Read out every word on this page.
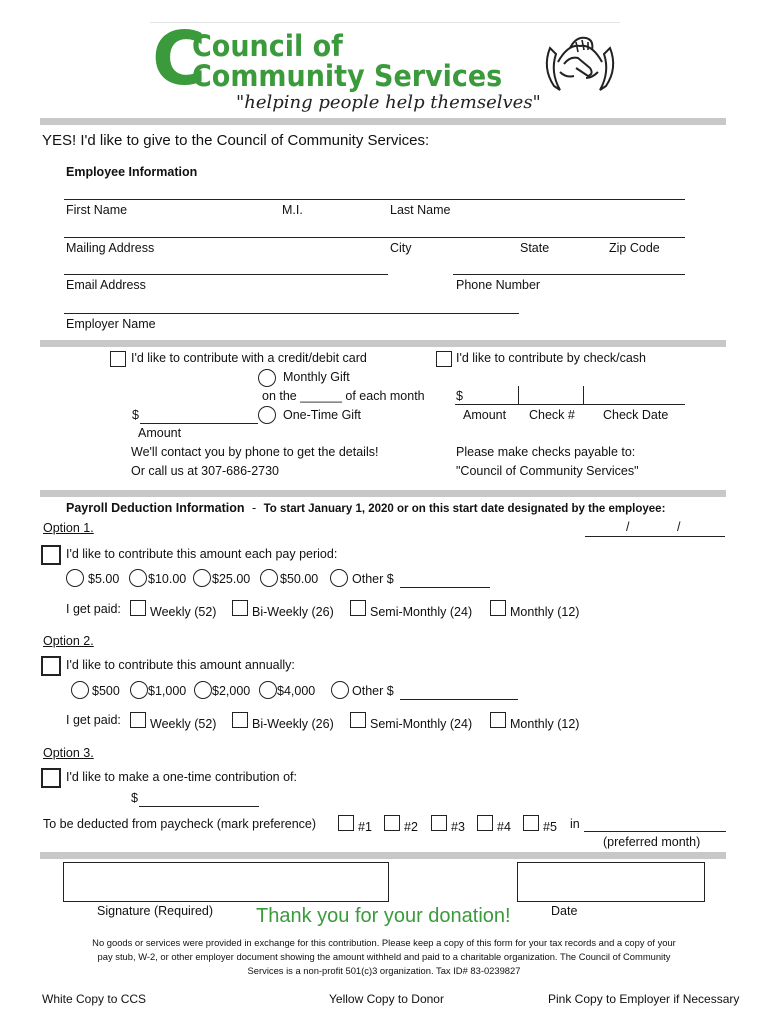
C
Council of
Community Services
"helping people help themselves"
YES! I'd like to give to the Council of Community Services:
Employee Information
First Name	M.I.	Last Name
Mailing Address	City	State	Zip Code
Email Address	Phone Number
Employer Name
I'd like to contribute with a credit/debit card
Monthly Gift
on the ______ of each month
One-Time Gift
$
Amount
We'll contact you by phone to get the details!
Or call us at 307-686-2730
I'd like to contribute by check/cash
$
Amount Check # Check Date
Please make checks payable to:
"Council of Community Services"
Payroll Deduction Information - To start January 1, 2020 or on this start date designated by the employee:
Option 1.	/	/
I'd like to contribute this amount each pay period:
$5.00 $10.00 $25.00 $50.00	Other $
I get paid: Weekly (52)	Bi-Weekly (26)	Semi-Monthly (24)	Monthly (12)
Option 2.
I'd like to contribute this amount annually:
$500 $1,000 $2,000 $4,000	Other $
I get paid: Weekly (52)	Bi-Weekly (26)	Semi-Monthly (24)	Monthly (12)
Option 3.
I'd like to make a one-time contribution of:
$
To be deducted from paycheck (mark preference)	#1	#2	#3	#4	#5 in
(preferred month)
Signature (Required)	Date
Thank you for your donation!
No goods or services were provided in exchange for this contribution. Please keep a copy of this form for your tax records and a copy of your
pay stub, W-2, or other employer document showing the amount withheld and paid to a charitable organization. The Council of Community
Services is a non-profit 501(c)3 organization. Tax ID# 83-0239827
White Copy to CCS	Yellow Copy to Donor	Pink Copy to Employer if Necessary
